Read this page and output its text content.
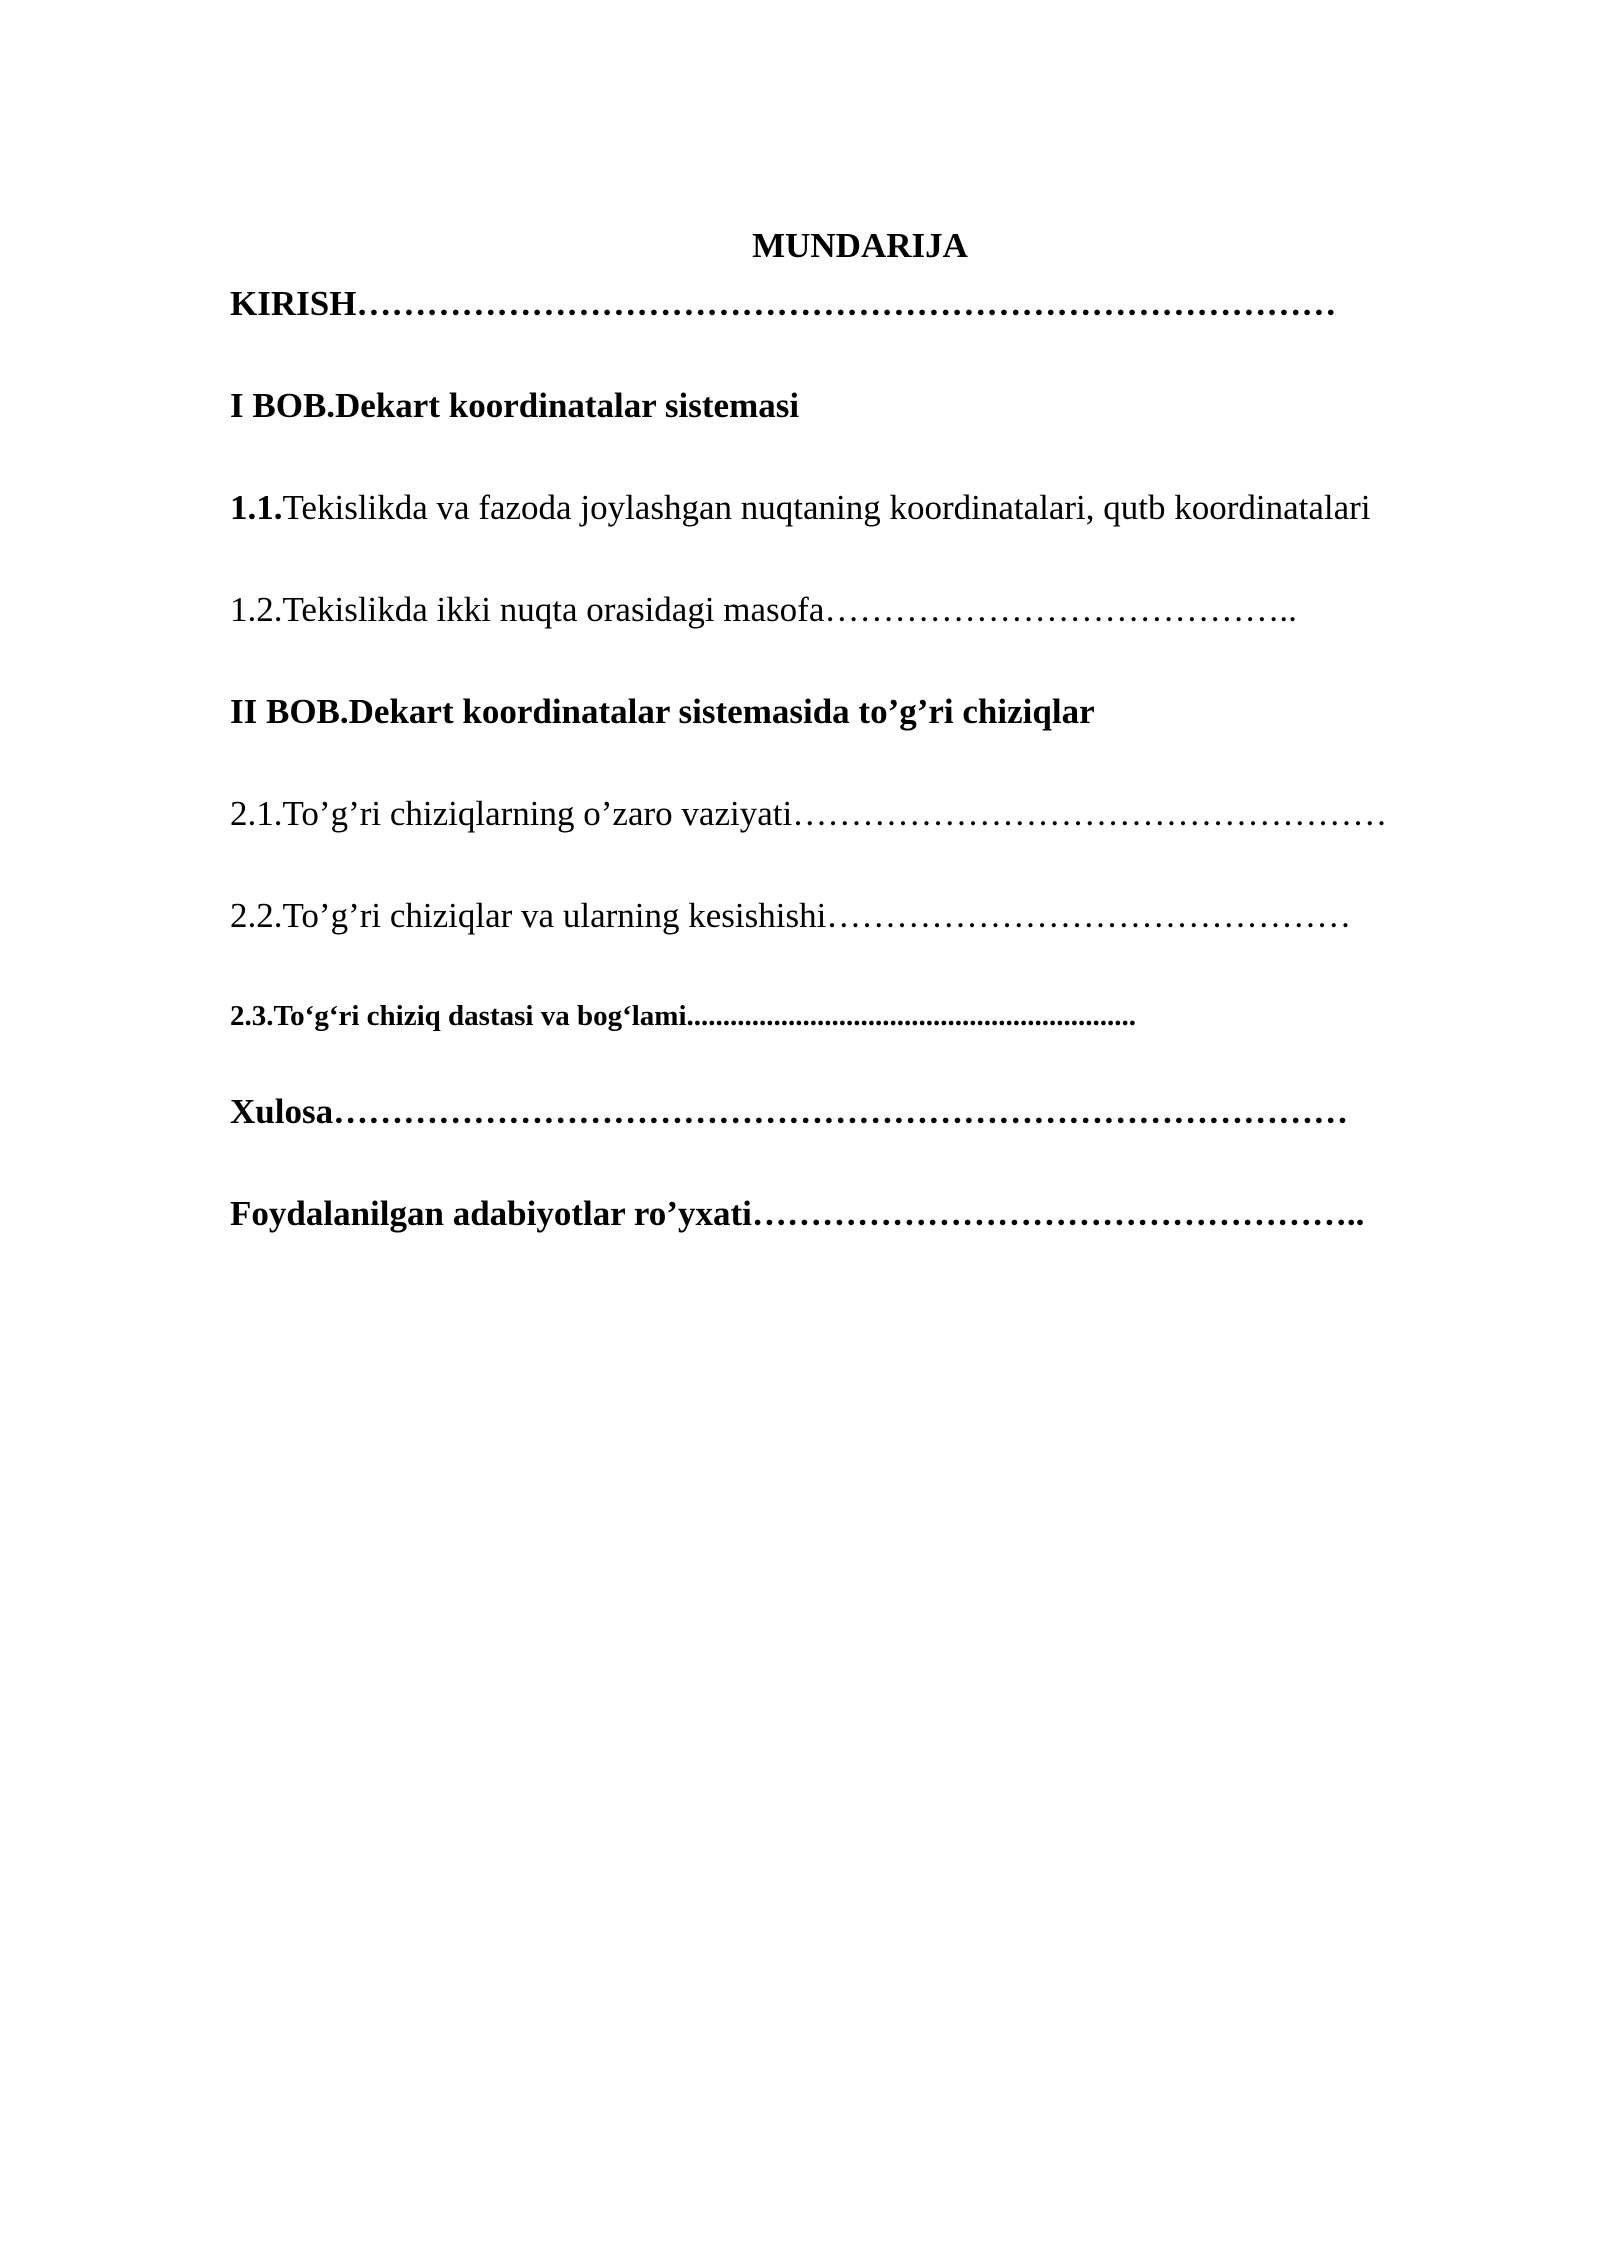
MUNDARIJA
KIRISH…………………………………………………………………………
I BOB.Dekart koordinatalar sistemasi
1.1.Tekislikda va fazoda joylashgan nuqtaning koordinatalari, qutb koordinatalari
1.2.Tekislikda ikki nuqta orasidagi masofa…………………………………..
II BOB.Dekart koordinatalar sistemasida to’g’ri chiziqlar
2.1.To’g’ri chiziqlarning o’zaro vaziyati……………………………………………
2.2.To’g’ri chiziqlar va ularning kesishishi………………………………………
2.3.To‘g‘ri chiziq dastasi va bog‘lami..............................................................
Xulosa……………………………………………………………………………
Foydalanilgan adabiyotlar ro’yxati……………………………………………..
